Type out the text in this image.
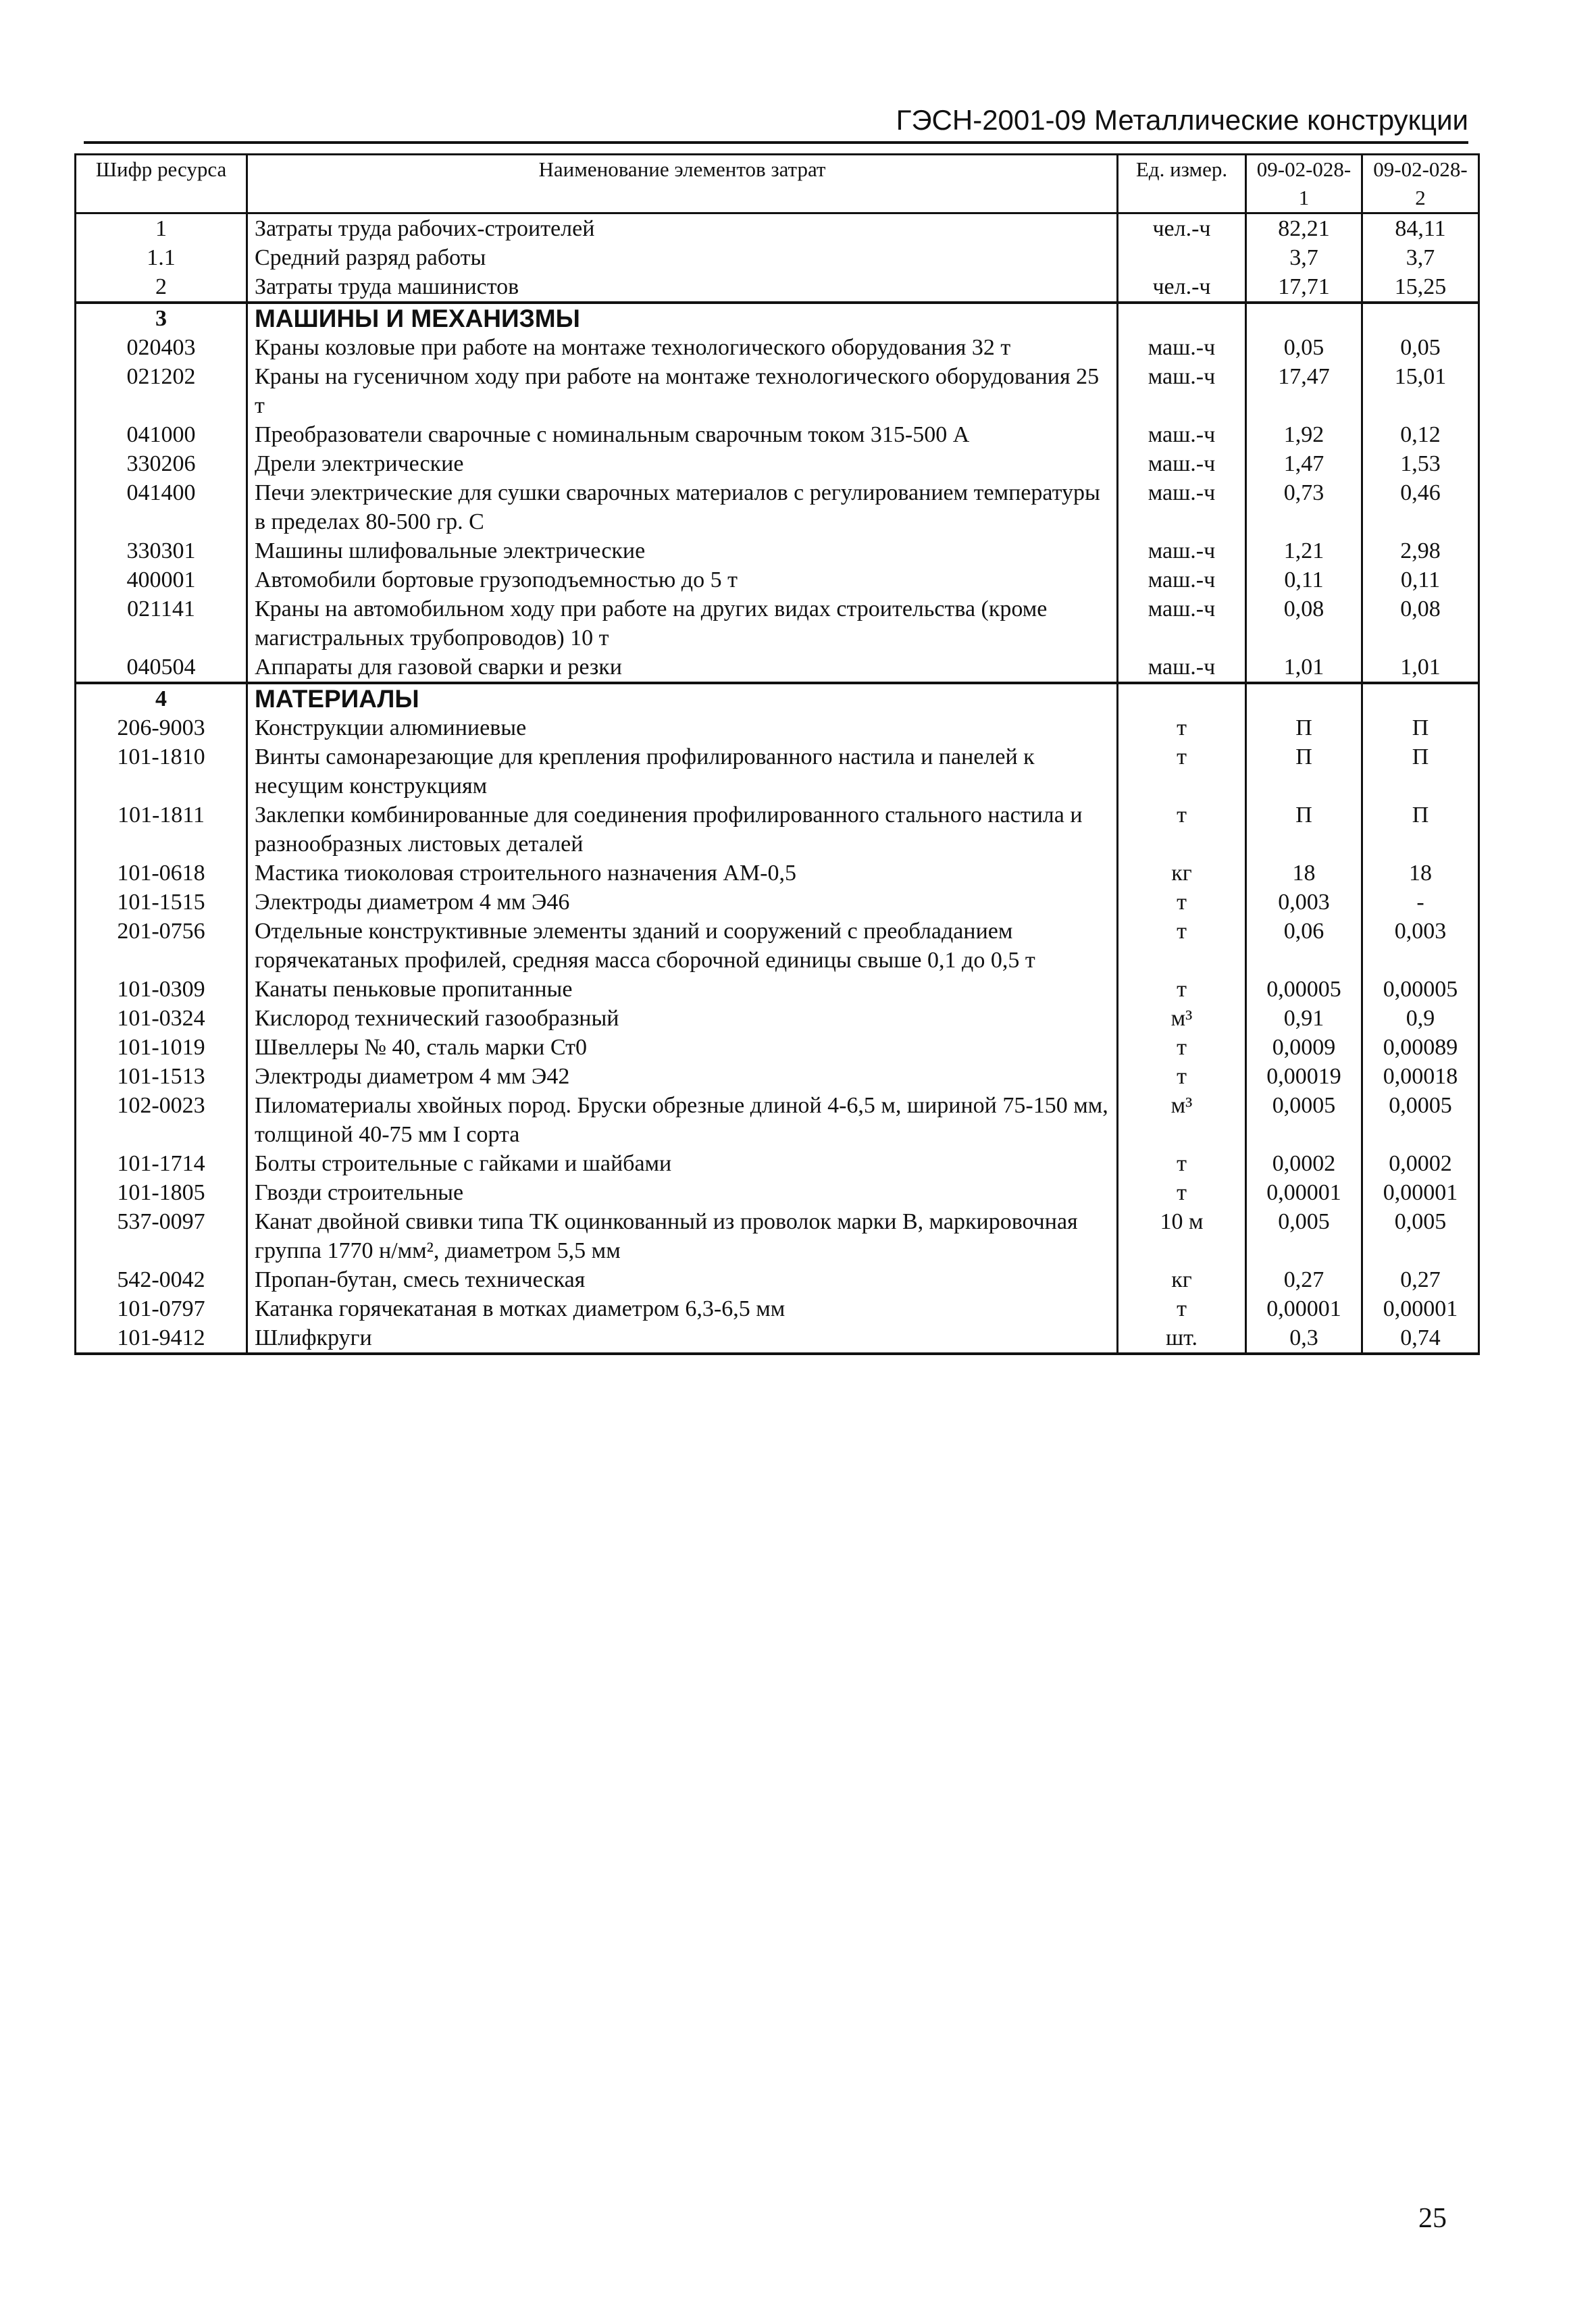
ГЭСН-2001-09 Металлические конструкции
Шифр ресурса	Наименование элементов затрат	Ед. измер.	09-02-028-1	09-02-028-2
1	Затраты труда рабочих-строителей	чел.-ч	82,21	84,11
1.1	Средний разряд работы		3,7	3,7
2	Затраты труда машинистов	чел.-ч	17,71	15,25
3	МАШИНЫ И МЕХАНИЗМЫ			
020403	Краны козловые при работе на монтаже технологического оборудования 32 т	маш.-ч	0,05	0,05
021202	Краны на гусеничном ходу при работе на монтаже технологического оборудования 25 т	маш.-ч	17,47	15,01
041000	Преобразователи сварочные с номинальным сварочным током 315-500 А	маш.-ч	1,92	0,12
330206	Дрели электрические	маш.-ч	1,47	1,53
041400	Печи электрические для сушки сварочных материалов с регулированием температуры в пределах 80-500 гр. С	маш.-ч	0,73	0,46
330301	Машины шлифовальные электрические	маш.-ч	1,21	2,98
400001	Автомобили бортовые грузоподъемностью до 5 т	маш.-ч	0,11	0,11
021141	Краны на автомобильном ходу при работе на других видах строительства (кроме магистральных трубопроводов) 10 т	маш.-ч	0,08	0,08
040504	Аппараты для газовой сварки и резки	маш.-ч	1,01	1,01
4	МАТЕРИАЛЫ			
206-9003	Конструкции алюминиевые	т	П	П
101-1810	Винты самонарезающие для крепления профилированного настила и панелей к несущим конструкциям	т	П	П
101-1811	Заклепки комбинированные для соединения профилированного стального настила и разнообразных листовых деталей	т	П	П
101-0618	Мастика тиоколовая строительного назначения АМ-0,5	кг	18	18
101-1515	Электроды диаметром 4 мм Э46	т	0,003	-
201-0756	Отдельные конструктивные элементы зданий и сооружений с преобладанием горячекатаных профилей, средняя масса сборочной единицы свыше 0,1 до 0,5 т	т	0,06	0,003
101-0309	Канаты пеньковые пропитанные	т	0,00005	0,00005
101-0324	Кислород технический газообразный	м³	0,91	0,9
101-1019	Швеллеры № 40, сталь марки Ст0	т	0,0009	0,00089
101-1513	Электроды диаметром 4 мм Э42	т	0,00019	0,00018
102-0023	Пиломатериалы хвойных пород. Бруски обрезные длиной 4-6,5 м, шириной 75-150 мм, толщиной 40-75 мм I сорта	м³	0,0005	0,0005
101-1714	Болты строительные с гайками и шайбами	т	0,0002	0,0002
101-1805	Гвозди строительные	т	0,00001	0,00001
537-0097	Канат двойной свивки типа ТК оцинкованный из проволок марки В, маркировочная группа 1770 н/мм², диаметром 5,5 мм	10 м	0,005	0,005
542-0042	Пропан-бутан, смесь техническая	кг	0,27	0,27
101-0797	Катанка горячекатаная в мотках диаметром 6,3-6,5 мм	т	0,00001	0,00001
101-9412	Шлифкруги	шт.	0,3	0,74
25
